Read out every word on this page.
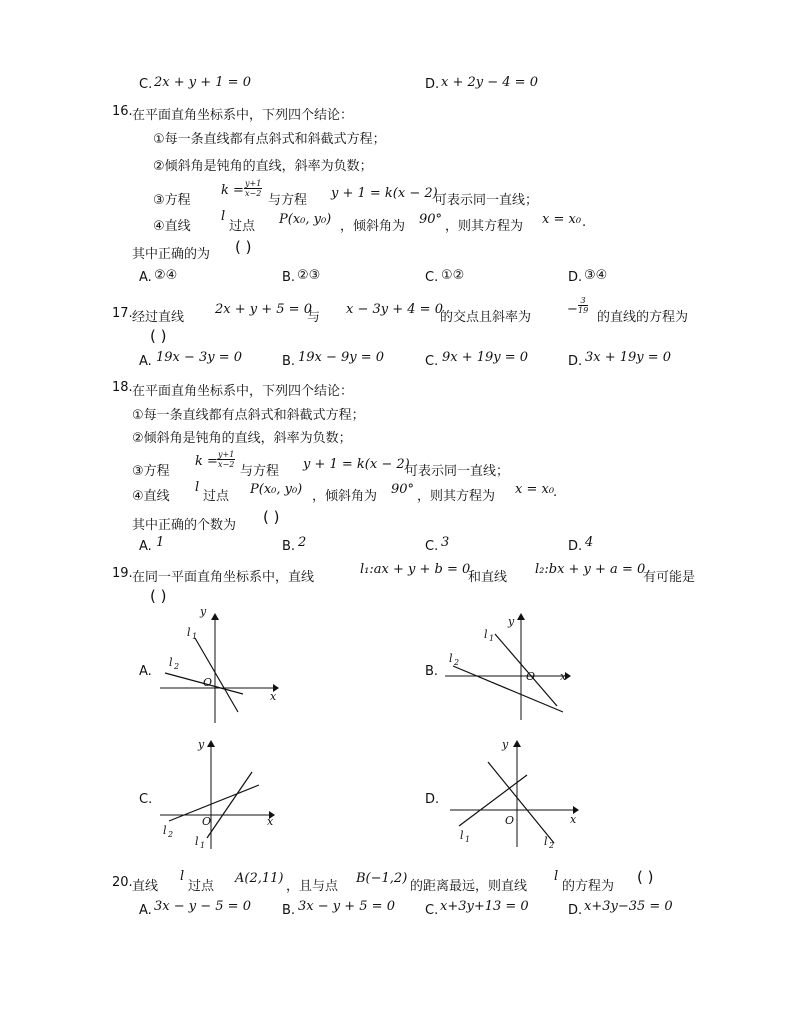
C. 2x + y + 1 = 0	D. x + 2y − 4 = 0
16. 在平面直角坐标系中，下列四个结论：
①每一条直线都有点斜式和斜截式方程；
②倾斜角是钝角的直线，斜率为负数；
③方程
$k = \frac{y+1}{x-2}$
与方程 y + 1 = k(x − 2)
可表示同一直线；
④直线
l
过点 P(x₀, y₀) ，倾斜角为 90° ，则其方程为 x = x₀ .
其中正确的为 ( )
A. ②④	B. ②③	C. ①②	D. ③④
17. 经过直线
2x + y + 5 = 0
与
x − 3y + 4 = 0
的交点且斜率为
− $\frac{3}{19}$
的直线的方程为
( )
A. 19x − 3y = 0	B. 19x − 9y = 0	C. 9x + 19y = 0	D. 3x + 19y = 0
18. 在平面直角坐标系中，下列四个结论：
①每一条直线都有点斜式和斜截式方程；
②倾斜角是钝角的直线，斜率为负数；
③方程
$k = \frac{y+1}{x-2}$
与方程 y + 1 = k(x − 2)
可表示同一直线；
④直线
l
过点 P(x₀, y₀) ，倾斜角为 90° ，则其方程为 x = x₀
.
其中正确的个数为 ( )
A. 1	B. 2	C. 3	D. 4
19. 在同一平面直角坐标系中，直线
l₁:ax + y + b = 0
和直线
l₂:bx + y + a = 0
有可能是
( )
A.
y
x
O
l 1
l 2	B.
y
x
O
l 1
l 2
C.
y
x
O
l 1
l 2
D.
y
x
O
l 1	l 2
20. 直线
l
过点
A(2,11)
，且与点
B(−1,2)
的距离最远，则直线
l
的方程为
( )
A. 3x − y − 5 = 0 B. 3x − y + 5 = 0 C. x+3y+13 = 0	D. x+3y−35 = 0
